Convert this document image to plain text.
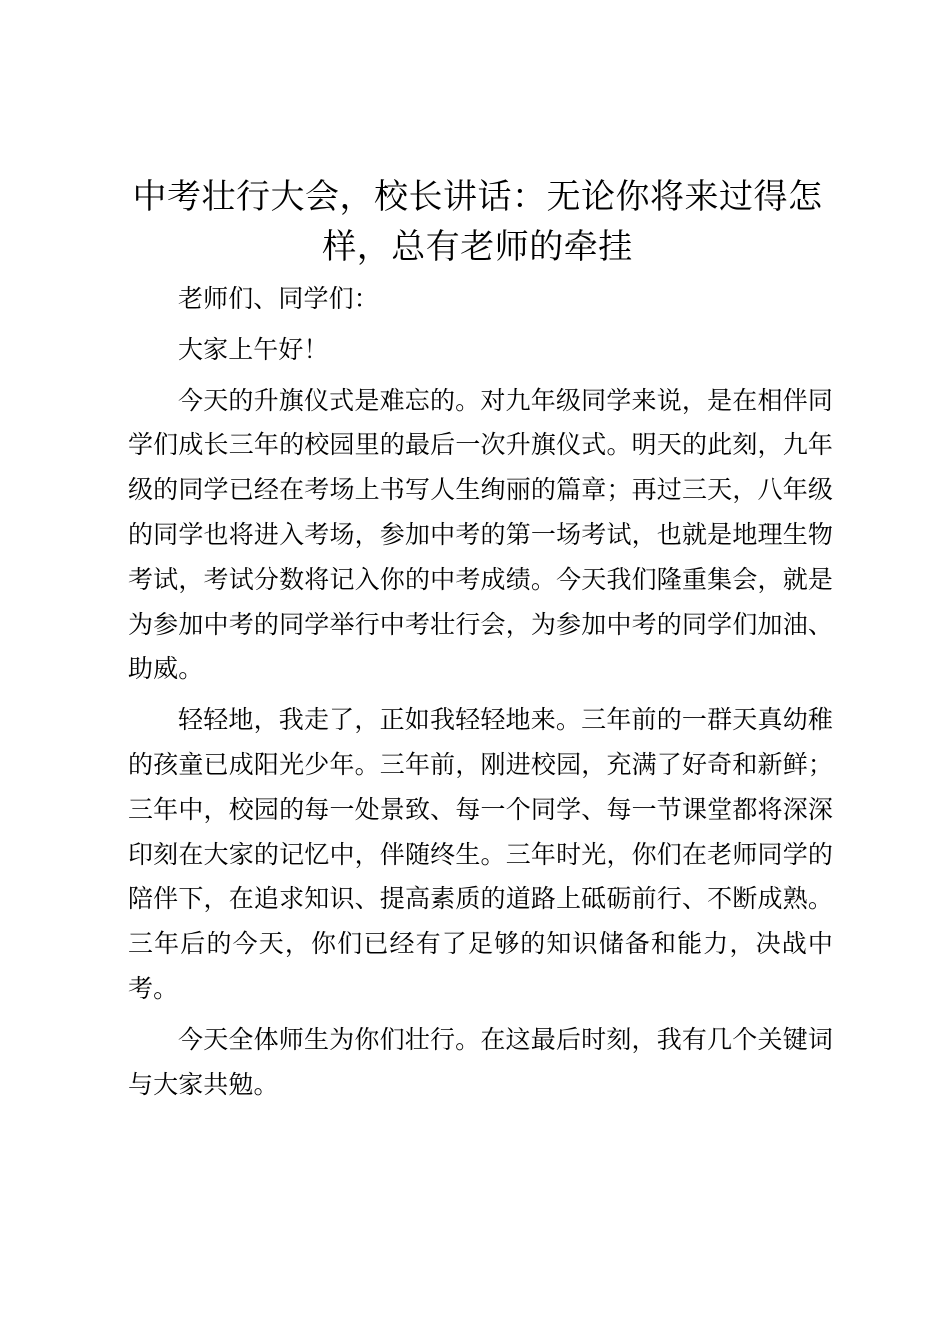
中考壮行大会，校长讲话：无论你将来过得怎样，总有老师的牵挂

老师们、同学们：

大家上午好！

今天的升旗仪式是难忘的。对九年级同学来说，是在相伴同学们成长三年的校园里的最后一次升旗仪式。明天的此刻，九年级的同学已经在考场上书写人生绚丽的篇章；再过三天，八年级的同学也将进入考场，参加中考的第一场考试，也就是地理生物考试，考试分数将记入你的中考成绩。今天我们隆重集会，就是为参加中考的同学举行中考壮行会，为参加中考的同学们加油、助威。

轻轻地，我走了，正如我轻轻地来。三年前的一群天真幼稚的孩童已成阳光少年。三年前，刚进校园，充满了好奇和新鲜；三年中，校园的每一处景致、每一个同学、每一节课堂都将深深印刻在大家的记忆中，伴随终生。三年时光，你们在老师同学的陪伴下，在追求知识、提高素质的道路上砥砺前行、不断成熟。三年后的今天，你们已经有了足够的知识储备和能力，决战中考。

今天全体师生为你们壮行。在这最后时刻，我有几个关键词与大家共勉。
